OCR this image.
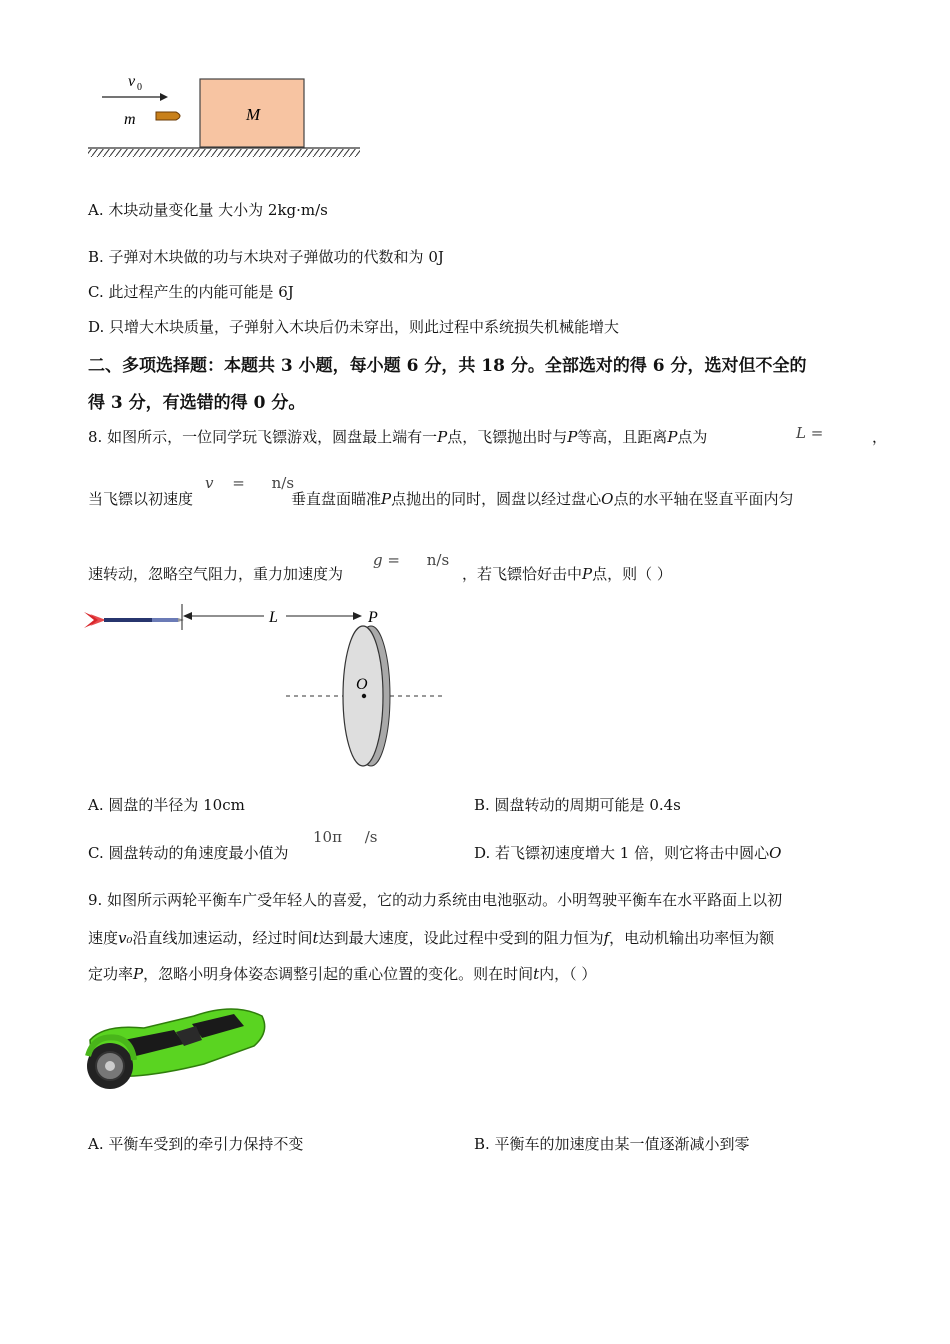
M
v 0
m
A. 木块动量变化量 大小为 2kg·m/s
B. 子弹对木块做的功与木块对子弹做功的代数和为 0J
C. 此过程产生的内能可能是 6J
D. 只增大木块质量，子弹射入木块后仍未穿出，则此过程中系统损失机械能增大
二、多项选择题：本题共 3 小题，每小题 6 分，共 18 分。全部选对的得 6 分，选对但不全的
得 3 分，有选错的得 0 分。
8. 如图所示，一位同学玩飞镖游戏，圆盘最上端有一P点，飞镖抛出时与P等高，且距离P点为	L =	，
当飞镖以初速度
v = n/s
垂直盘面瞄准P点抛出的同时，圆盘以经过盘心O点的水平轴在竖直平面内匀
速转动，忽略空气阻力，重力加速度为
g = n/s
，若飞镖恰好击中P点，则（ ）
L	P
O
A. 圆盘的半径为 10cm	B. 圆盘转动的周期可能是 0.4s
C. 圆盘转动的角速度最小值为
10π /s
D. 若飞镖初速度增大 1 倍，则它将击中圆心O
9. 如图所示两轮平衡车广受年轻人的喜爱，它的动力系统由电池驱动。小明驾驶平衡车在水平路面上以初
速度v₀沿直线加速运动，经过时间t达到最大速度，设此过程中受到的阻力恒为f，电动机输出功率恒为额
定功率P，忽略小明身体姿态调整引起的重心位置的变化。则在时间t内，（ ）
A. 平衡车受到的牵引力保持不变	B. 平衡车的加速度由某一值逐渐减小到零
